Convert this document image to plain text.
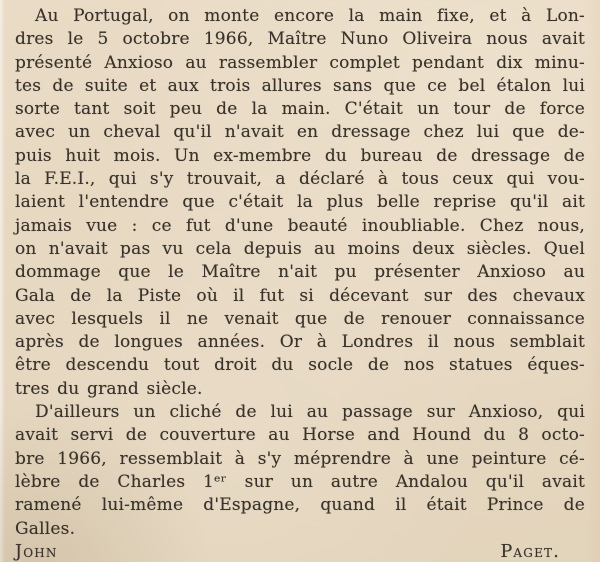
Au Portugal, on monte encore la main fixe, et à Lon-
dres le 5 octobre 1966, Maître Nuno Oliveira nous avait
présenté Anxioso au rassembler complet pendant dix minu-
tes de suite et aux trois allures sans que ce bel étalon lui
sorte tant soit peu de la main. C'était un tour de force
avec un cheval qu'il n'avait en dressage chez lui que de-
puis huit mois. Un ex-membre du bureau de dressage de
la F.E.I., qui s'y trouvait, a déclaré à tous ceux qui vou-
laient l'entendre que c'était la plus belle reprise qu'il ait
jamais vue : ce fut d'une beauté inoubliable. Chez nous,
on n'avait pas vu cela depuis au moins deux siècles. Quel
dommage que le Maître n'ait pu présenter Anxioso au
Gala de la Piste où il fut si décevant sur des chevaux
avec lesquels il ne venait que de renouer connaissance
après de longues années. Or à Londres il nous semblait
être descendu tout droit du socle de nos statues éques-
tres du grand siècle.
D'ailleurs un cliché de lui au passage sur Anxioso, qui
avait servi de couverture au Horse and Hound du 8 octo-
bre 1966, ressemblait à s'y méprendre à une peinture cé-
lèbre de Charles 1ᵉʳ sur un autre Andalou qu'il avait
ramené lui-même d'Espagne, quand il était Prince de
Galles.
John Paget.
